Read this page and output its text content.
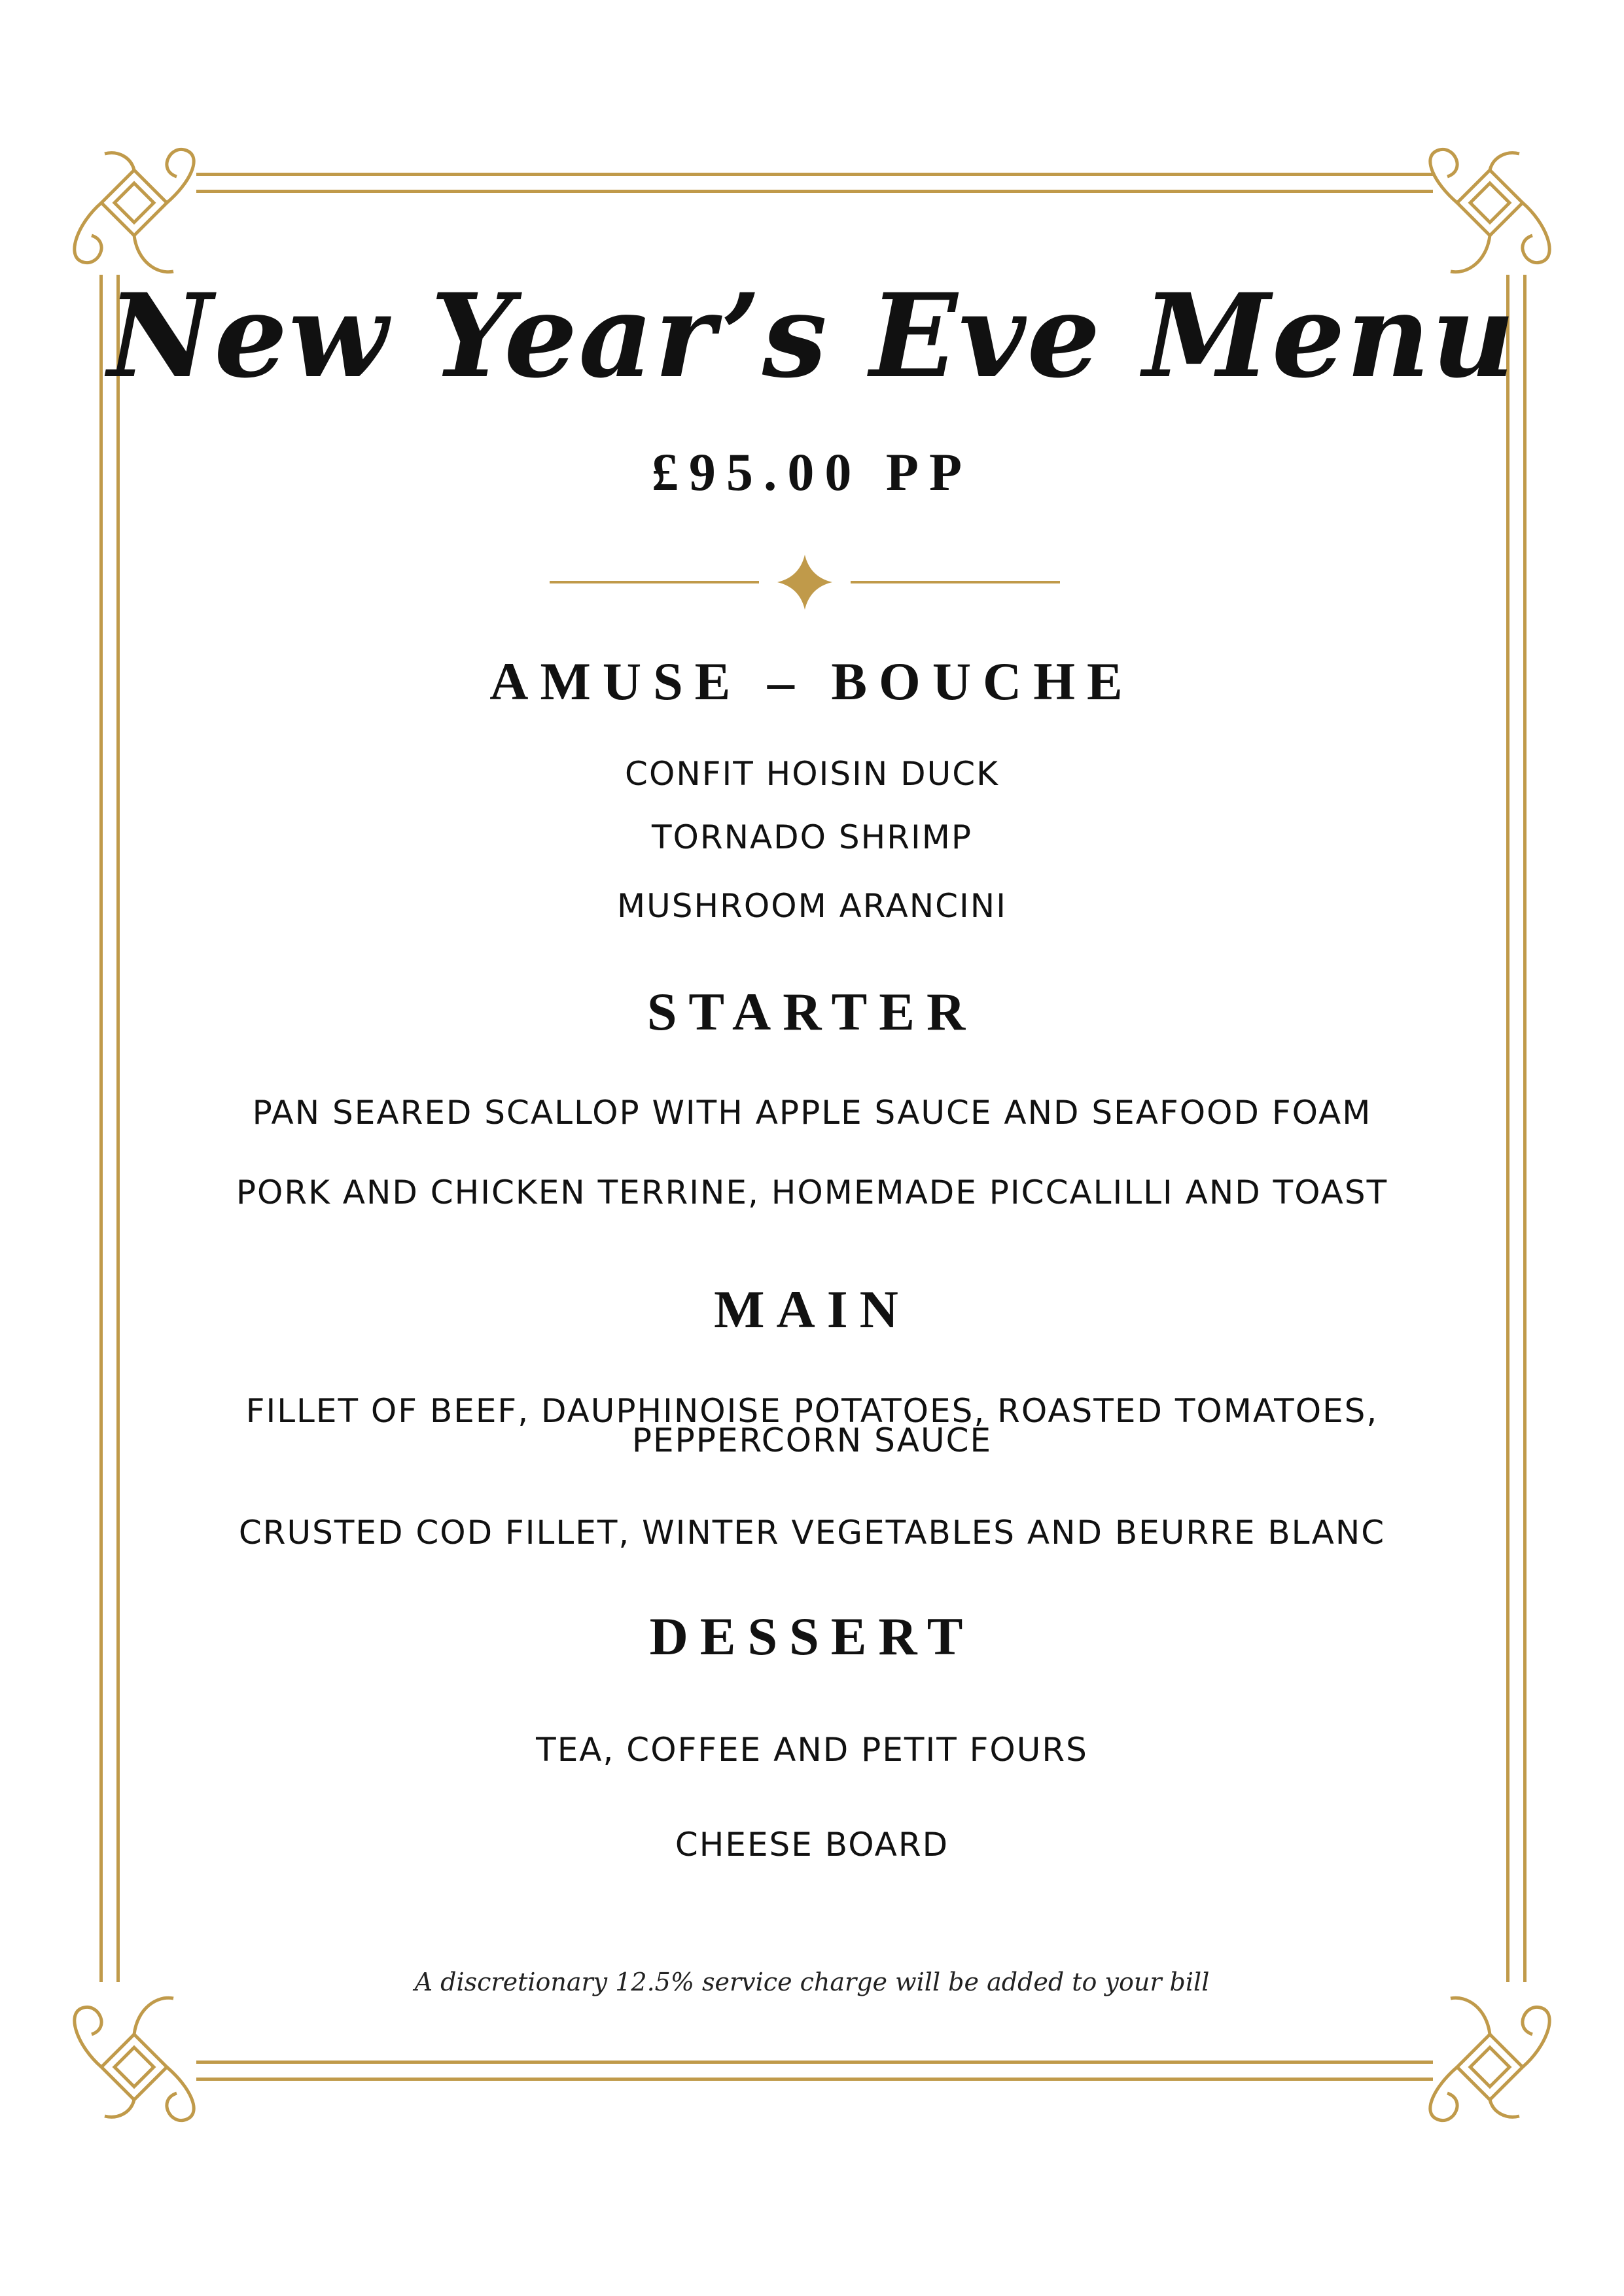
New Year’s Eve Menu
£95.00 PP
AMUSE – BOUCHE
CONFIT HOISIN DUCK
TORNADO SHRIMP
MUSHROOM ARANCINI
STARTER
PAN SEARED SCALLOP WITH APPLE SAUCE AND SEAFOOD FOAM
PORK AND CHICKEN TERRINE, HOMEMADE PICCALILLI AND TOAST
MAIN
FILLET OF BEEF, DAUPHINOISE POTATOES, ROASTED TOMATOES,
PEPPERCORN SAUCE
CRUSTED COD FILLET, WINTER VEGETABLES AND BEURRE BLANC
DESSERT
TEA, COFFEE AND PETIT FOURS
CHEESE BOARD
A discretionary 12.5% service charge will be added to your bill
